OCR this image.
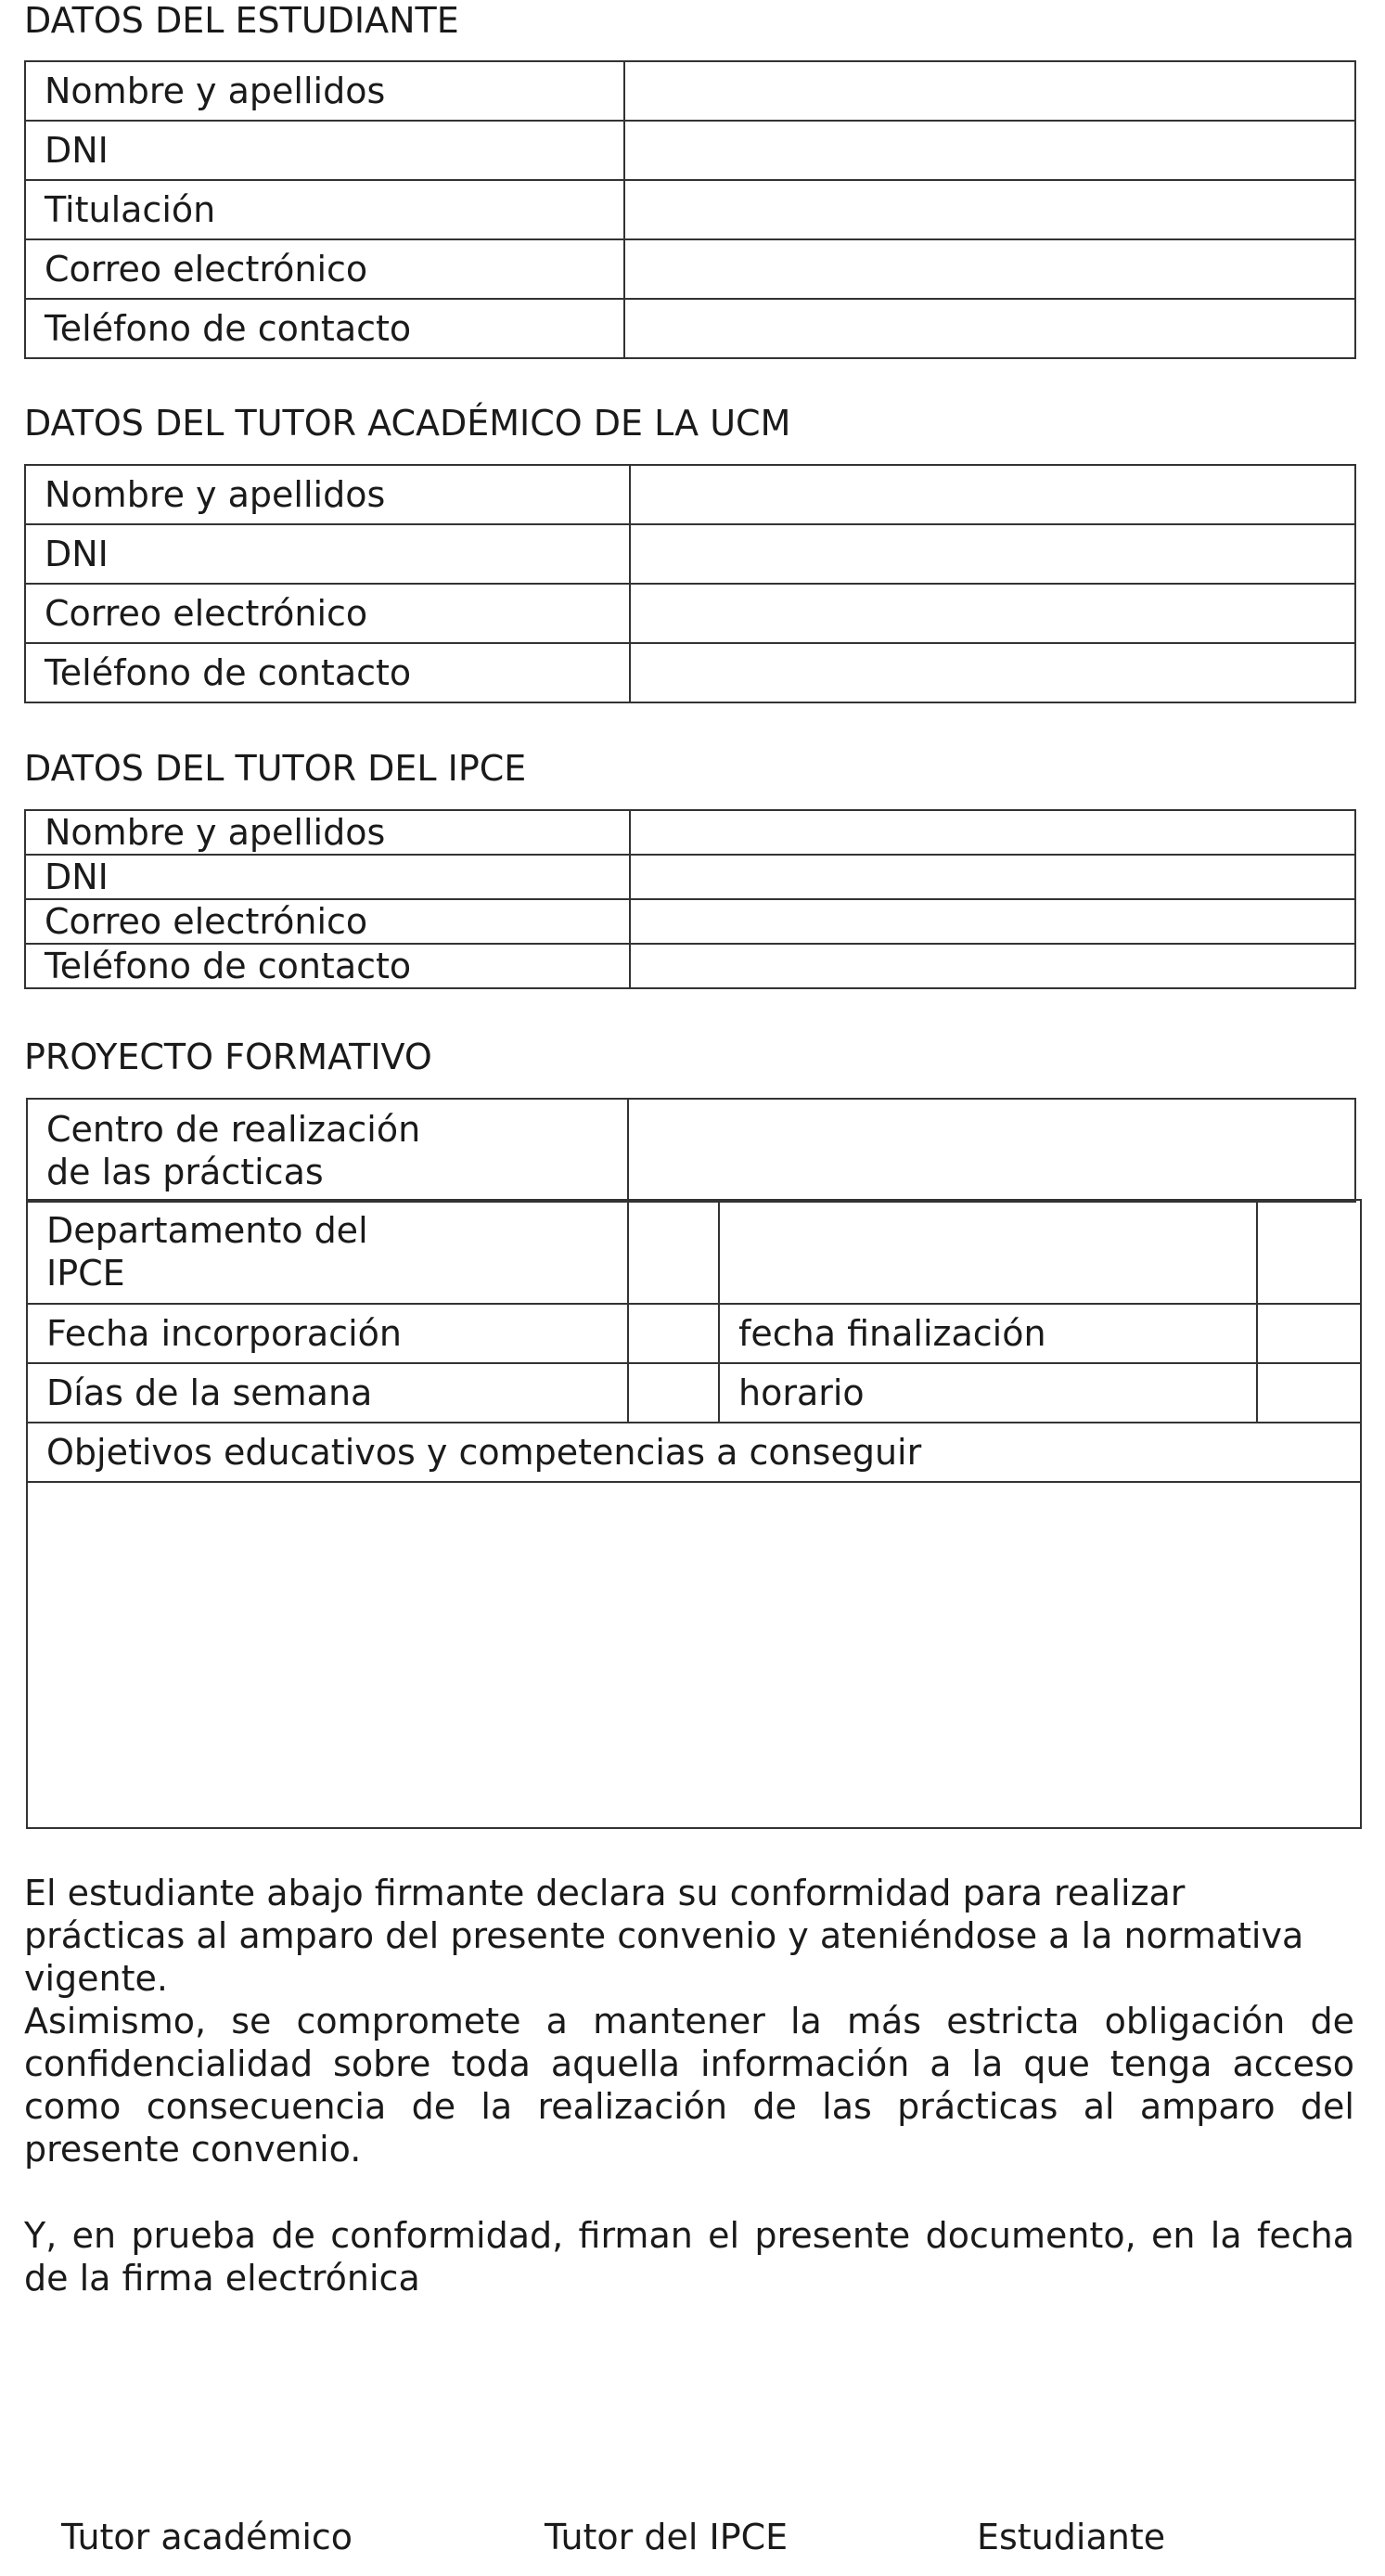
DATOS DEL ESTUDIANTE
Nombre y apellidos	
DNI	
Titulación	
Correo electrónico	
Teléfono de contacto	
DATOS DEL TUTOR ACADÉMICO DE LA UCM
Nombre y apellidos	
DNI	
Correo electrónico	
Teléfono de contacto	
DATOS DEL TUTOR DEL IPCE
Nombre y apellidos	
DNI	
Correo electrónico	
Teléfono de contacto	
PROYECTO FORMATIVO
Centro de realización
de las prácticas

Departamento del
IPCE			

Fecha incorporación		fecha finalización	
Días de la semana		horario	
Objetivos educativos y competencias a conseguir			

El estudiante abajo firmante declara su conformidad para realizar prácticas al amparo del presente convenio y ateniéndose a la normativa vigente.
Asimismo, se compromete a mantener la más estricta obligación de confidencialidad sobre toda aquella información a la que tenga acceso como consecuencia de la realización de las prácticas al amparo del presente convenio.
Y, en prueba de conformidad, firman el presente documento, en la fecha de la firma electrónica
Tutor académico	Tutor del IPCE	Estudiante
